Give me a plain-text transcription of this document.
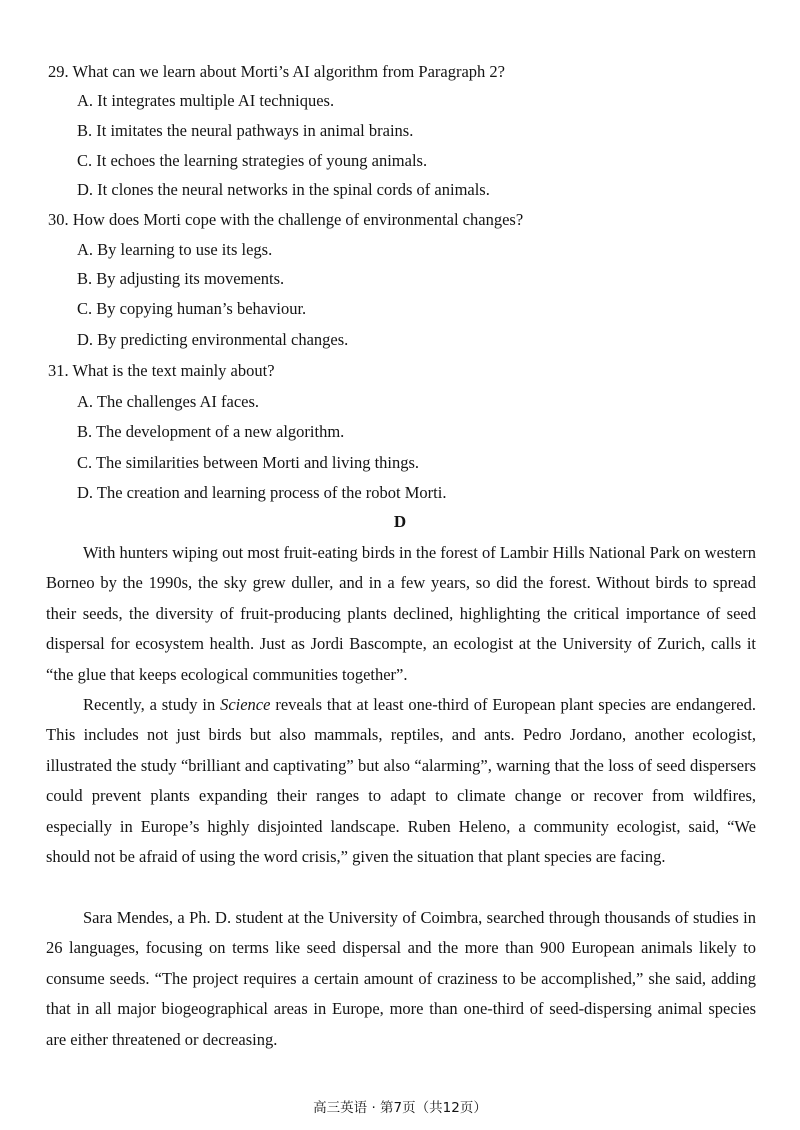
29. What can we learn about Morti’s AI algorithm from Paragraph 2?
A. It integrates multiple AI techniques.
B. It imitates the neural pathways in animal brains.
C. It echoes the learning strategies of young animals.
D. It clones the neural networks in the spinal cords of animals.
30. How does Morti cope with the challenge of environmental changes?
A. By learning to use its legs.
B. By adjusting its movements.
C. By copying human’s behaviour.
D. By predicting environmental changes.
31. What is the text mainly about?
A. The challenges AI faces.
B. The development of a new algorithm.
C. The similarities between Morti and living things.
D. The creation and learning process of the robot Morti.
D
With hunters wiping out most fruit-eating birds in the forest of Lambir Hills National Park on western Borneo by the 1990s, the sky grew duller, and in a few years, so did the forest. Without birds to spread their seeds, the diversity of fruit-producing plants declined, highlighting the critical importance of seed dispersal for ecosystem health. Just as Jordi Bascompte, an ecologist at the University of Zurich, calls it “the glue that keeps ecological communities together”.
Recently, a study in Science reveals that at least one-third of European plant species are endangered. This includes not just birds but also mammals, reptiles, and ants. Pedro Jordano, another ecologist, illustrated the study “brilliant and captivating” but also “alarming”, warning that the loss of seed dispersers could prevent plants expanding their ranges to adapt to climate change or recover from wildfires, especially in Europe’s highly disjointed landscape. Ruben Heleno, a community ecologist, said, “We should not be afraid of using the word crisis,” given the situation that plant species are facing.
Sara Mendes, a Ph. D. student at the University of Coimbra, searched through thousands of studies in 26 languages, focusing on terms like seed dispersal and the more than 900 European animals likely to consume seeds. “The project requires a certain amount of craziness to be accomplished,” she said, adding that in all major biogeographical areas in Europe, more than one-third of seed-dispersing animal species are either threatened or decreasing.
高三英语 · 第7页（共12页）
